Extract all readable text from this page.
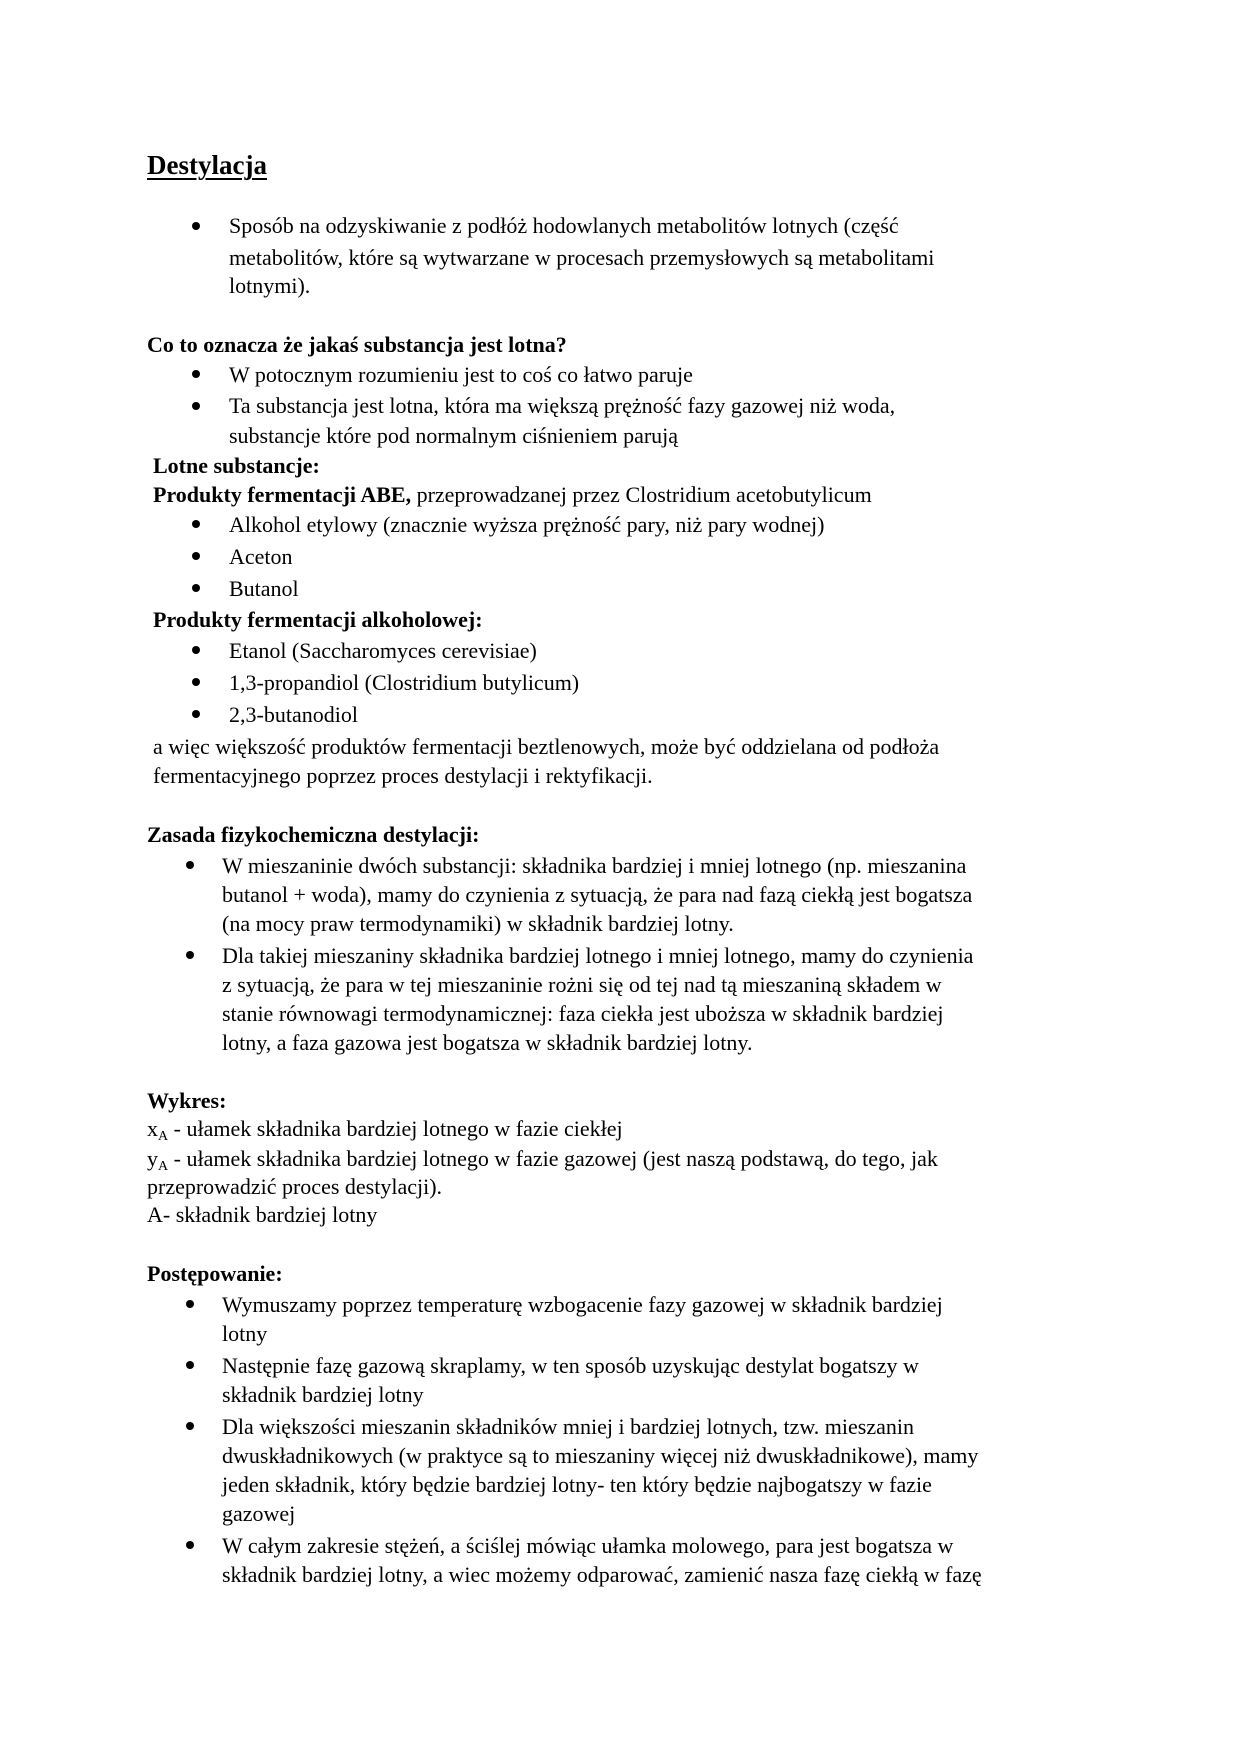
Destylacja
Sposób na odzyskiwanie z podłóż hodowlanych metabolitów lotnych (część
metabolitów, które są wytwarzane w procesach przemysłowych są metabolitami
lotnymi).
Co to oznacza że jakaś substancja jest lotna?
W potocznym rozumieniu jest to coś co łatwo paruje
Ta substancja jest lotna, która ma większą prężność fazy gazowej niż woda,
substancje które pod normalnym ciśnieniem parują
Lotne substancje:
Produkty fermentacji ABE, przeprowadzanej przez Clostridium acetobutylicum
Alkohol etylowy (znacznie wyższa prężność pary, niż pary wodnej)
Aceton
Butanol
Produkty fermentacji alkoholowej:
Etanol (Saccharomyces cerevisiae)
1,3-propandiol (Clostridium butylicum)
2,3-butanodiol
a więc większość produktów fermentacji beztlenowych, może być oddzielana od podłoża
fermentacyjnego poprzez proces destylacji i rektyfikacji.
Zasada fizykochemiczna destylacji:
W mieszaninie dwóch substancji: składnika bardziej i mniej lotnego (np. mieszanina
butanol + woda), mamy do czynienia z sytuacją, że para nad fazą ciekłą jest bogatsza
(na mocy praw termodynamiki) w składnik bardziej lotny.
Dla takiej mieszaniny składnika bardziej lotnego i mniej lotnego, mamy do czynienia
z sytuacją, że para w tej mieszaninie rożni się od tej nad tą mieszaniną składem w
stanie równowagi termodynamicznej: faza ciekła jest uboższa w składnik bardziej
lotny, a faza gazowa jest bogatsza w składnik bardziej lotny.
Wykres:
$x_A$ - ułamek składnika bardziej lotnego w fazie ciekłej
$y_A$ - ułamek składnika bardziej lotnego w fazie gazowej (jest naszą podstawą, do tego, jak
przeprowadzić proces destylacji).
A- składnik bardziej lotny
Postępowanie:
Wymuszamy poprzez temperaturę wzbogacenie fazy gazowej w składnik bardziej
lotny
Następnie fazę gazową skraplamy, w ten sposób uzyskując destylat bogatszy w
składnik bardziej lotny
Dla większości mieszanin składników mniej i bardziej lotnych, tzw. mieszanin
dwuskładnikowych (w praktyce są to mieszaniny więcej niż dwuskładnikowe), mamy
jeden składnik, który będzie bardziej lotny- ten który będzie najbogatszy w fazie
gazowej
W całym zakresie stężeń, a ściślej mówiąc ułamka molowego, para jest bogatsza w
składnik bardziej lotny, a wiec możemy odparować, zamienić nasza fazę ciekłą w fazę
